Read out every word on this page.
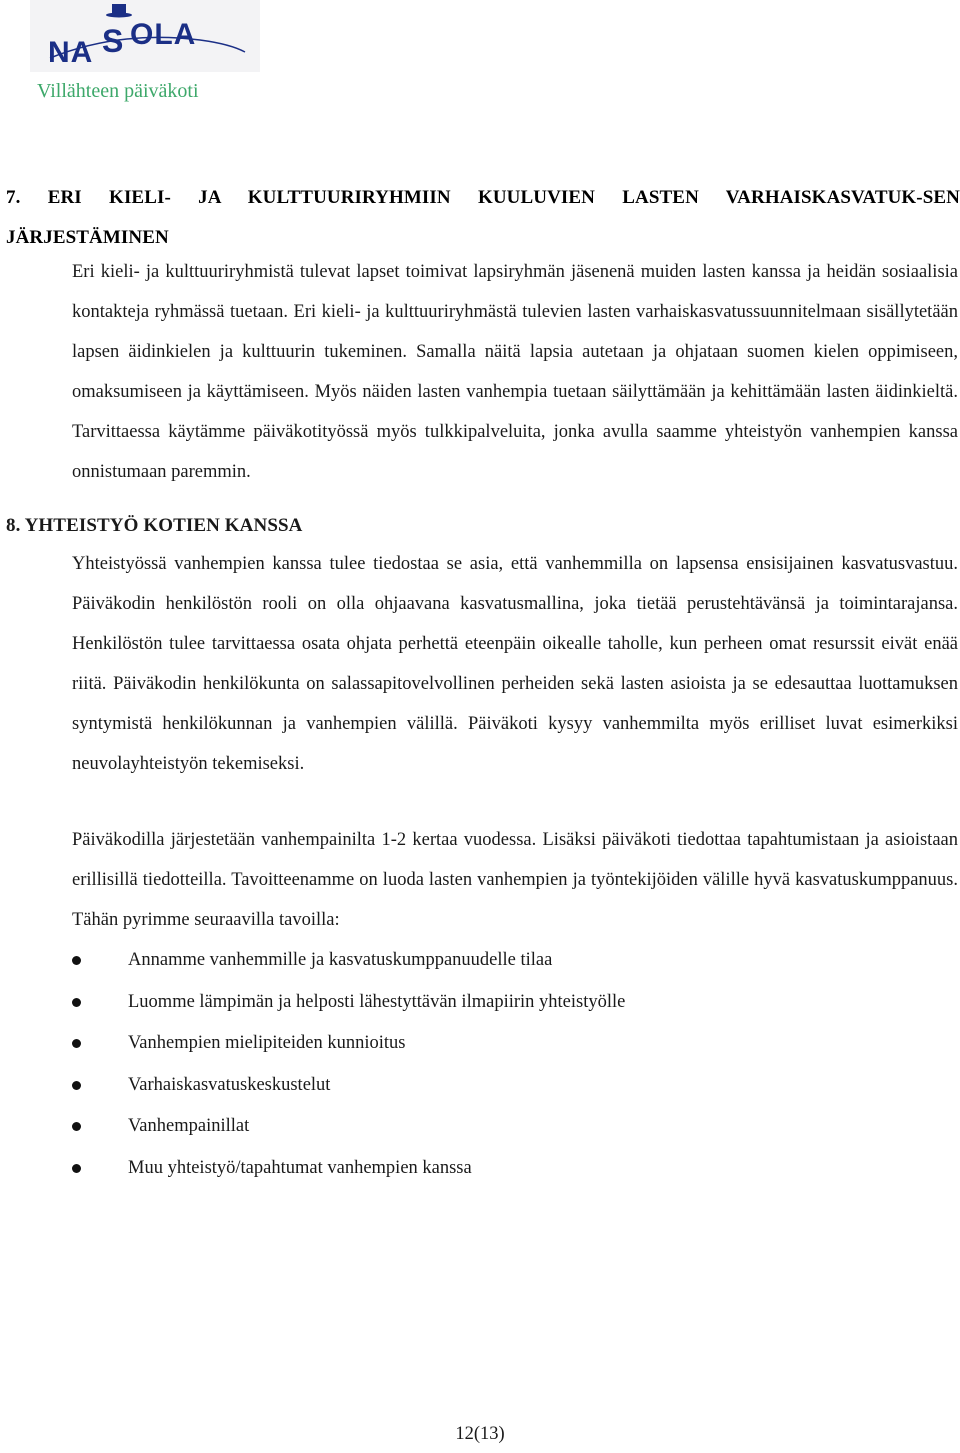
NA S OLA
Villähteen päiväkoti
7. ERI KIELI- JA KULTTUURIRYHMIIN KUULUVIEN LASTEN VARHAISKASVATUK-SEN JÄRJESTÄMINEN

Eri kieli- ja kulttuuriryhmistä tulevat lapset toimivat lapsiryhmän jäsenenä muiden lasten kanssa ja heidän sosiaalisia kontakteja ryhmässä tuetaan. Eri kieli- ja kulttuuriryhmästä tulevien lasten varhaiskasvatussuunnitelmaan sisällytetään lapsen äidinkielen ja kulttuurin tukeminen. Samalla näitä lapsia autetaan ja ohjataan suomen kielen oppimiseen, omaksumiseen ja käyttämiseen. Myös näiden lasten vanhempia tuetaan säilyttämään ja kehittämään lasten äidinkieltä. Tarvittaessa käytämme päiväkotityössä myös tulkkipalveluita, jonka avulla saamme yhteistyön vanhempien kanssa onnistumaan paremmin.

8. YHTEISTYÖ KOTIEN KANSSA

Yhteistyössä vanhempien kanssa tulee tiedostaa se asia, että vanhemmilla on lapsensa ensisijainen kasvatusvastuu. Päiväkodin henkilöstön rooli on olla ohjaavana kasvatusmallina, joka tietää perustehtävänsä ja toimintarajansa. Henkilöstön tulee tarvittaessa osata ohjata perhettä eteenpäin oikealle taholle, kun perheen omat resurssit eivät enää riitä. Päiväkodin henkilökunta on salassapitovelvollinen perheiden sekä lasten asioista ja se edesauttaa luottamuksen syntymistä henkilökunnan ja vanhempien välillä. Päiväkoti kysyy vanhemmilta myös erilliset luvat esimerkiksi neuvolayhteistyön tekemiseksi.

Päiväkodilla järjestetään vanhempainilta 1-2 kertaa vuodessa. Lisäksi päiväkoti tiedottaa tapahtumistaan ja asioistaan erillisillä tiedotteilla. Tavoitteenamme on luoda lasten vanhempien ja työntekijöiden välille hyvä kasvatuskumppanuus. Tähän pyrimme seuraavilla tavoilla:

Annamme vanhemmille ja kasvatuskumppanuudelle tilaa
Luomme lämpimän ja helposti lähestyttävän ilmapiirin yhteistyölle
Vanhempien mielipiteiden kunnioitus
Varhaiskasvatuskeskustelut
Vanhempainillat
Muu yhteistyö/tapahtumat vanhempien kanssa
12(13)
